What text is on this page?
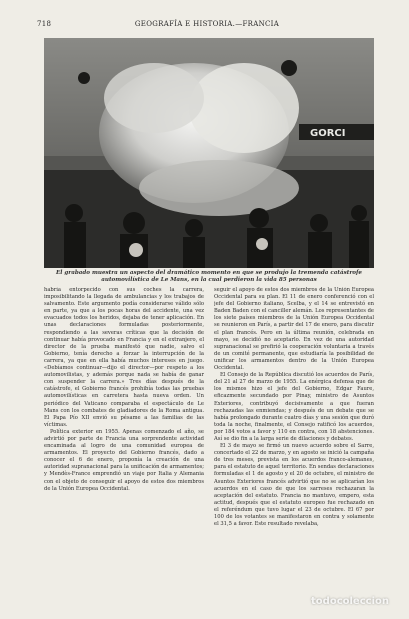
718	GEOGRAFÍA E HISTORIA.—FRANCIA
GORCI
El grabado muestra un aspecto del dramático momento en que se produjo la tremenda catástrofe automovilística de Le Mans, en la cual perdieron la vida 85 personas

habría entorpecido con sus coches la carrera, imposibilitando la llegada de ambulancias y los trabajos de salvamento. Este argumento podía considerarse válido sólo en parte, ya que a los pocas horas del accidente, una vez evacuados todos los heridos, dejaba de tener aplicación. En unas declaraciones formuladas posteriormente, respondiendo a las severas críticas que la decisión de continuar había provocado en Francia y en el extranjero, el director de la prueba manifestó que nadie, salvo el Gobierno, tenía derecho a forzar la interrupción de la carrera, ya que en ella había muchos intereses en juego. «Debíamos continuar—dijo el director—por respeto a los automovilistas, y además porque nada se había de ganar con suspender la carrera.» Tres días después de la catástrofe, el Gobierno francés prohibía todas las pruebas automovilísticas en carretera hasta nueva orden. Un periódico del Vaticano comparaba el espectáculo de Le Mans con los combates de gladiadores de la Roma antigua. El Papa Pío XII envió su pésame a las familias de las víctimas.

Política exterior en 1955. Apenas comenzado el año, se advirtió por parte de Francia una sorprendente actividad encaminada al logro de una comunidad europea de armamentos. El proyecto del Gobierno francés, dado a conocer el 6 de enero, proponía la creación de una autoridad supranacional para la unificación de armamentos; y Mendès-France emprendió un viaje por Italia y Alemania con el objeto de conseguir el apoyo de estos dos miembros de la Unión Europea Occidental.

seguir el apoyo de estos dos miembros de la Unión Europea Occidental para su plan. El 11 de enero conferenció con el jefe del Gobierno italiano, Scelba, y el 14 se entrevistó en Baden Baden con el canciller alemán. Los representantes de los siete países miembros de la Unión Europea Occidental se reunieron en París, a partir del 17 de enero, para discutir el plan francés. Pero en la última reunión, celebrada en mayo, se decidió no aceptarlo. En vez de una autoridad supranacional se prefirió la cooperación voluntaria a través de un comité permanente, que estudiaría la posibilidad de unificar los armamentos dentro de la Unión Europea Occidental.

El Consejo de la República discutió los acuerdos de París, del 21 al 27 de marzo de 1955. La enérgica defensa que de los mismos hizo el jefe del Gobierno, Edgar Faure, eficazmente secundado por Pinay, ministro de Asuntos Exteriores, contribuyó decisivamente a que fueran rechazadas las enmiendas; y después de un debate que se había prolongado durante cuatro días y una sesión que duró toda la noche, finalmente, el Consejo ratificó los acuerdos, por 184 votos a favor y 110 en contra, con 18 abstenciones. Así se dio fin a la larga serie de dilaciones y debates.

El 3 de mayo se firmó un nuevo acuerdo sobre el Sarre, concertado el 22 de marzo, y en agosto se inició la campaña de tres meses, prevista en los acuerdos franco-alemanes, para el estatuto de aquel territorio. En sendas declaraciones formuladas el 1 de agosto y el 20 de octubre, el ministro de Asuntos Exteriores francés advirtió que no se aplicarían los acuerdos en el caso de que los sarreses rechazaran la aceptación del estatuto. Francia no mantuvo, empero, esta actitud, después que el estatuto europeo fue rechazado en el referéndum que tuvo lugar el 23 de octubre. El 67 por 100 de los votantes se manifestaron en contra y solamente el 31,5 a favor. Este resultado revelaba,

todocoleccion
